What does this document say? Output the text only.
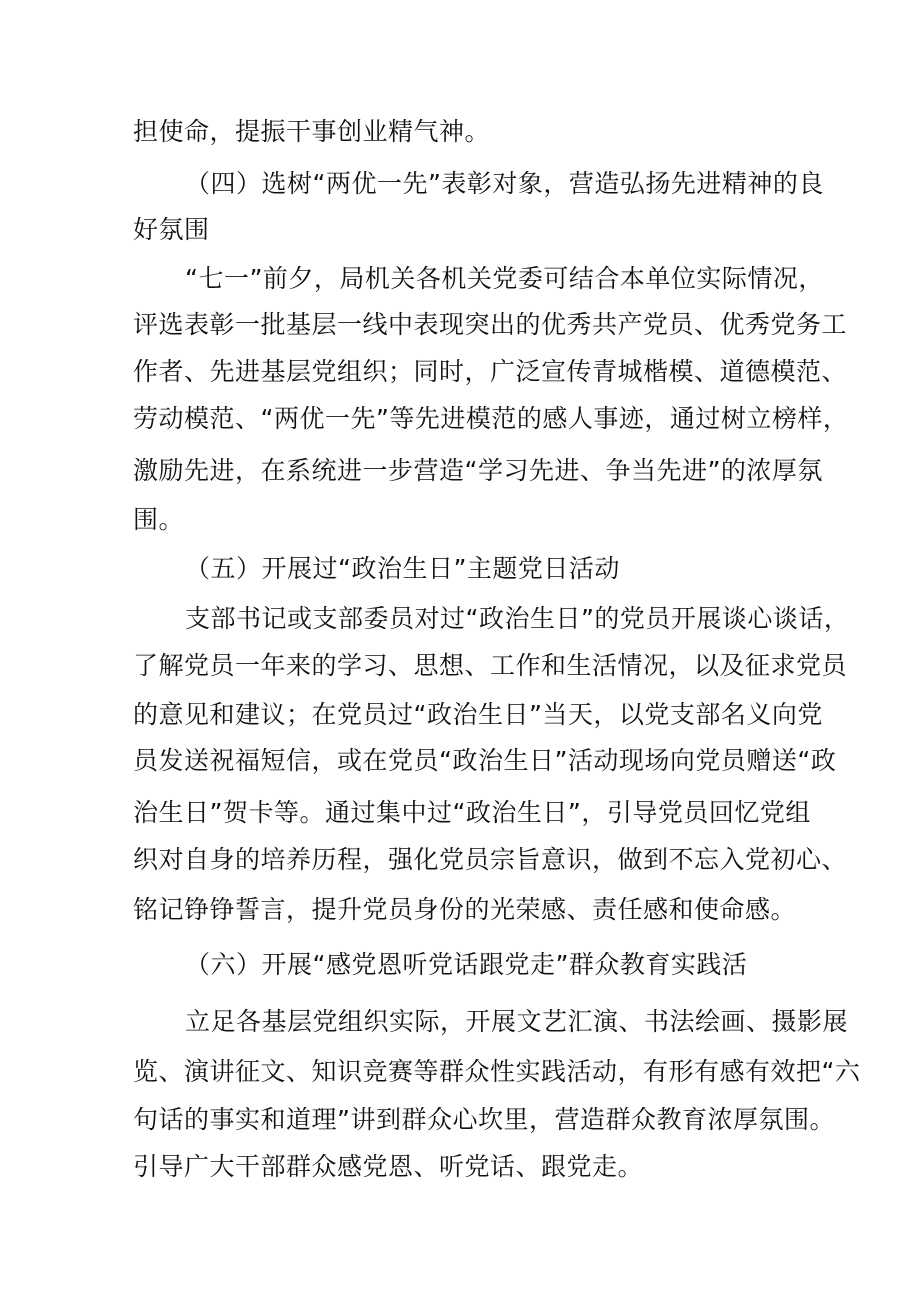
担使命，提振干事创业精气神。
（四）选树“两优一先”表彰对象，营造弘扬先进精神的良
好氛围
“七一”前夕，局机关各机关党委可结合本单位实际情况，
评选表彰一批基层一线中表现突出的优秀共产党员、优秀党务工
作者、先进基层党组织；同时，广泛宣传青城楷模、道德模范、
劳动模范、“两优一先”等先进模范的感人事迹，通过树立榜样，
激励先进，在系统进一步营造“学习先进、争当先进”的浓厚氛
围。
（五）开展过“政治生日”主题党日活动
支部书记或支部委员对过“政治生日”的党员开展谈心谈话，
了解党员一年来的学习、思想、工作和生活情况，以及征求党员
的意见和建议；在党员过“政治生日”当天，以党支部名义向党
员发送祝福短信，或在党员“政治生日”活动现场向党员赠送“政
治生日”贺卡等。通过集中过“政治生日”，引导党员回忆党组
织对自身的培养历程，强化党员宗旨意识，做到不忘入党初心、
铭记铮铮誓言，提升党员身份的光荣感、责任感和使命感。
（六）开展“感党恩听党话跟党走”群众教育实践活
立足各基层党组织实际，开展文艺汇演、书法绘画、摄影展
览、演讲征文、知识竞赛等群众性实践活动，有形有感有效把“六
句话的事实和道理”讲到群众心坎里，营造群众教育浓厚氛围。
引导广大干部群众感党恩、听党话、跟党走。
